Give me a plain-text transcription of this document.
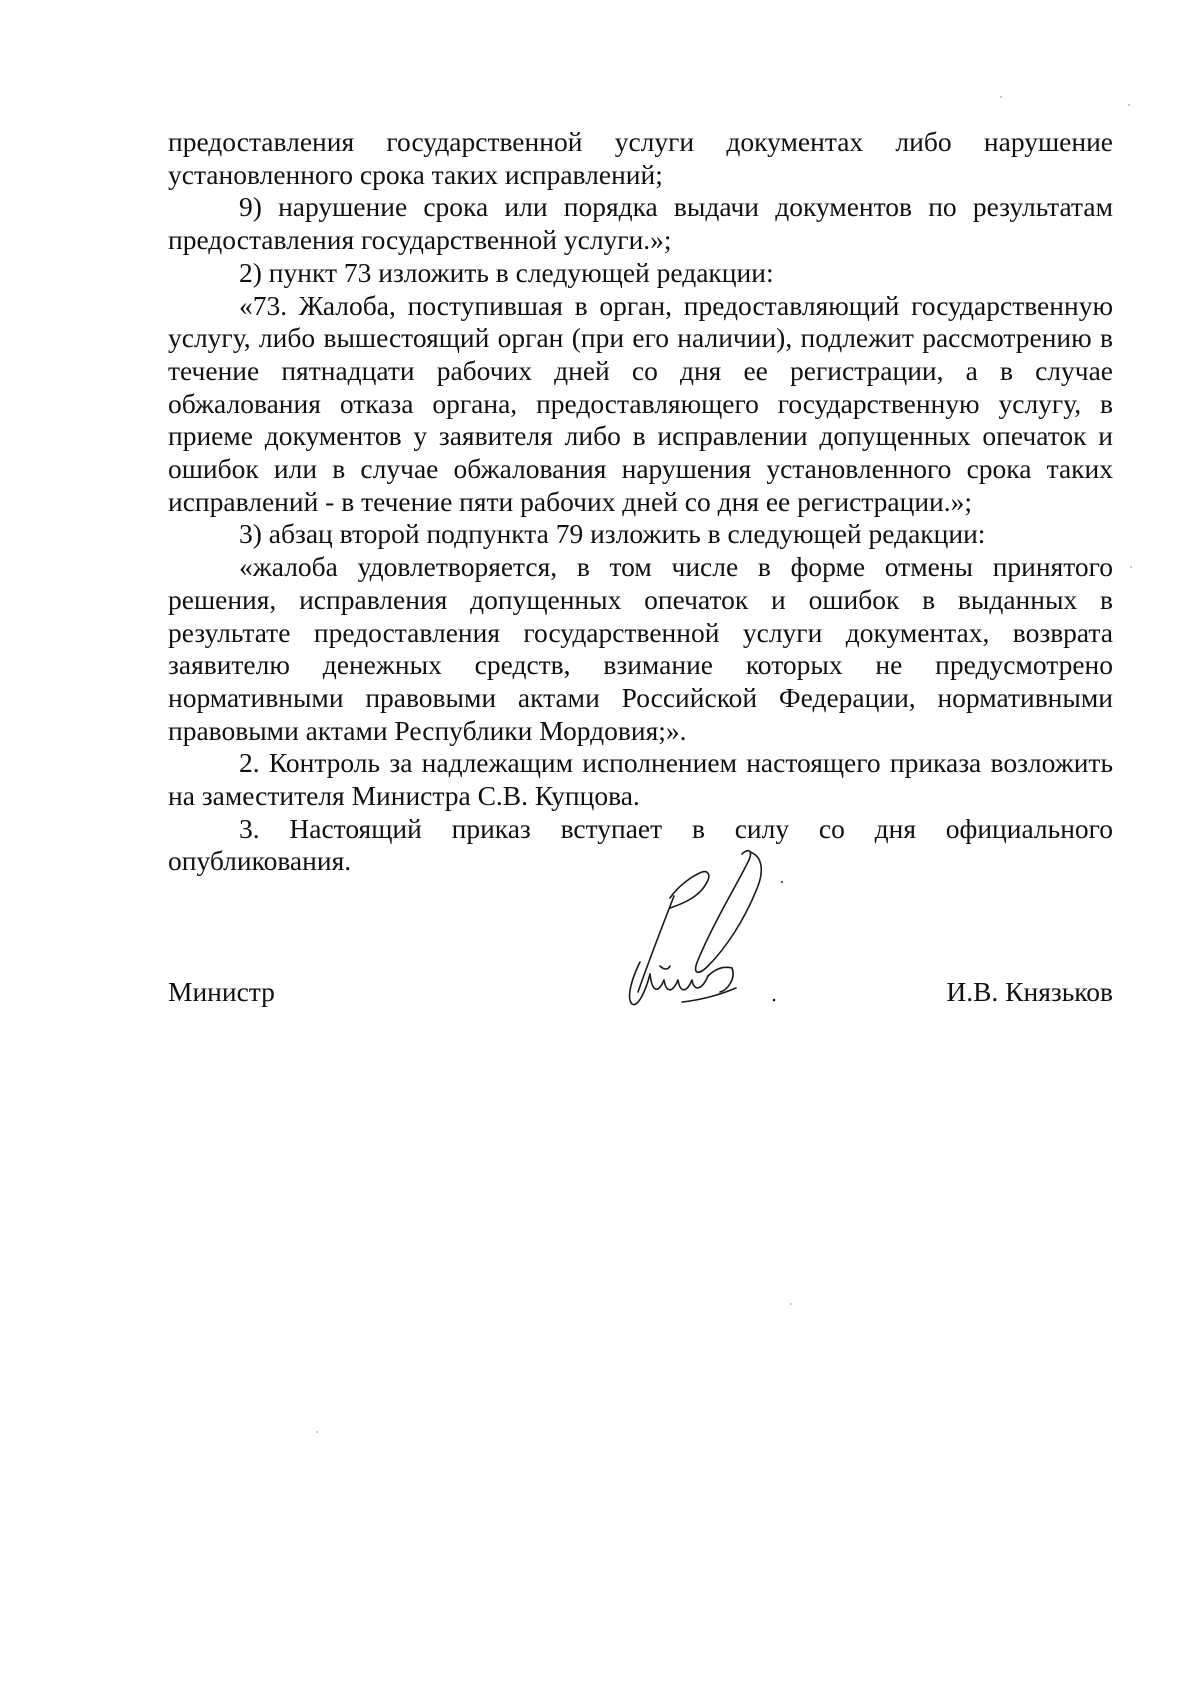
предоставления государственной услуги документах либо нарушение установленного срока таких исправлений;

9) нарушение срока или порядка выдачи документов по результатам предоставления государственной услуги.»;

2) пункт 73 изложить в следующей редакции:

«73. Жалоба, поступившая в орган, предоставляющий государственную услугу, либо вышестоящий орган (при его наличии), подлежит рассмотрению в течение пятнадцати рабочих дней со дня ее регистрации, а в случае обжалования отказа органа, предоставляющего государственную услугу, в приеме документов у заявителя либо в исправлении допущенных опечаток и ошибок или в случае обжалования нарушения установленного срока таких исправлений - в течение пяти рабочих дней со дня ее регистрации.»;

3) абзац второй подпункта 79 изложить в следующей редакции:

«жалоба удовлетворяется, в том числе в форме отмены принятого решения, исправления допущенных опечаток и ошибок в выданных в результате предоставления государственной услуги документах, возврата заявителю денежных средств, взимание которых не предусмотрено нормативными правовыми актами Российской Федерации, нормативными правовыми актами Республики Мордовия;».

2. Контроль за надлежащим исполнением настоящего приказа возложить на заместителя Министра С.В. Купцова.

3. Настоящий приказ вступает в силу со дня официального опубликования.

Министр	И.В. Князьков
